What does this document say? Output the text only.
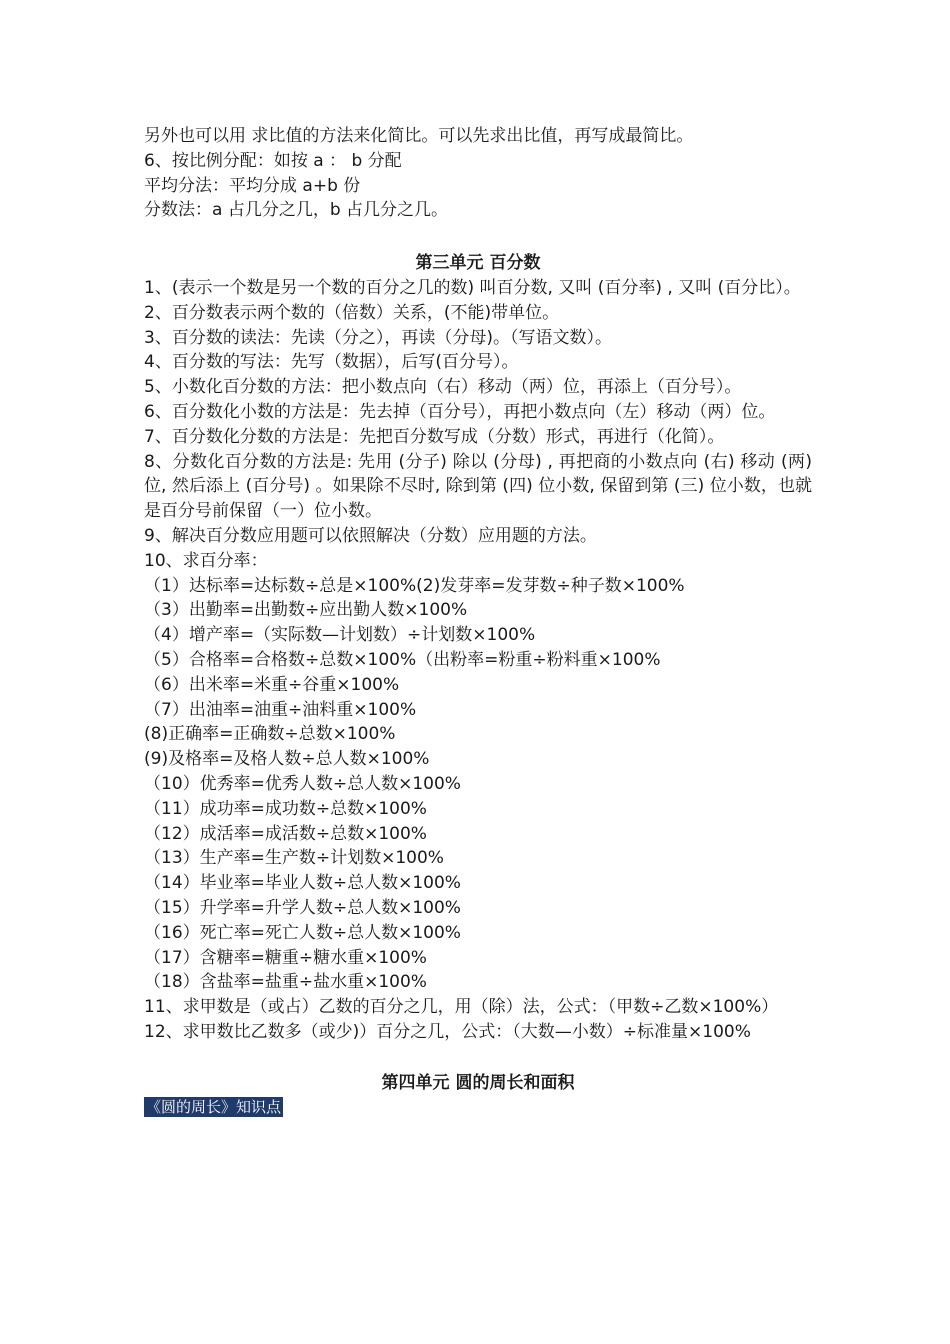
另外也可以用 求比值的方法来化简比。可以先求出比值，再写成最简比。
6、按比例分配：如按 a ： b 分配
平均分法：平均分成 a+b 份
分数法：a 占几分之几，b 占几分之几。
第三单元 百分数
1、(表示一个数是另一个数的百分之几的数) 叫百分数, 又叫 (百分率) , 又叫 (百分比）。
2、百分数表示两个数的（倍数）关系，(不能)带单位。
3、百分数的读法：先读（分之），再读（分母)。（写语文数）。
4、百分数的写法：先写（数据），后写(百分号）。
5、小数化百分数的方法：把小数点向（右）移动（两）位，再添上（百分号）。
6、百分数化小数的方法是：先去掉（百分号），再把小数点向（左）移动（两）位。
7、百分数化分数的方法是：先把百分数写成（分数）形式，再进行（化简）。
8、分数化百分数的方法是: 先用 (分子) 除以 (分母) , 再把商的小数点向 (右) 移动 (两) 位, 然后添上 (百分号) 。如果除不尽时, 除到第 (四) 位小数, 保留到第 (三) 位小数，也就是百分号前保留（一）位小数。
9、解决百分数应用题可以依照解决（分数）应用题的方法。
10、求百分率：
（1）达标率=达标数÷总是×100%(2)发芽率=发芽数÷种子数×100%
（3）出勤率=出勤数÷应出勤人数×100%
（4）增产率=（实际数—计划数）÷计划数×100%
（5）合格率=合格数÷总数×100%（出粉率=粉重÷粉料重×100%
（6）出米率=米重÷谷重×100%
（7）出油率=油重÷油料重×100%
(8)正确率=正确数÷总数×100%
(9)及格率=及格人数÷总人数×100%
（10）优秀率=优秀人数÷总人数×100%
（11）成功率=成功数÷总数×100%
（12）成活率=成活数÷总数×100%
（13）生产率=生产数÷计划数×100%
（14）毕业率=毕业人数÷总人数×100%
（15）升学率=升学人数÷总人数×100%
（16）死亡率=死亡人数÷总人数×100%
（17）含糖率=糖重÷糖水重×100%
（18）含盐率=盐重÷盐水重×100%
11、求甲数是（或占）乙数的百分之几，用（除）法，公式：（甲数÷乙数×100%）
12、求甲数比乙数多（或少)）百分之几，公式：（大数—小数）÷标准量×100%
第四单元 圆的周长和面积
《圆的周长》知识点
